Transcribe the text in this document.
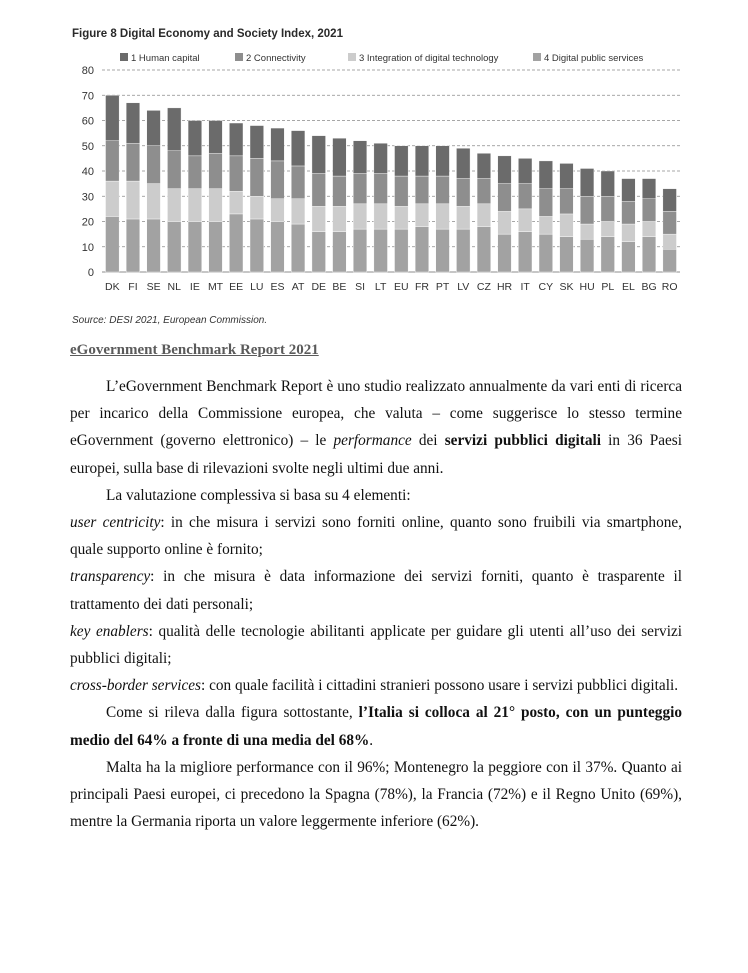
Figure 8 Digital Economy and Society Index, 2021
1 Human capital	2 Connectivity	3 Integration of digital technology	4 Digital public services
0
10
20
30
40
50
60
70
80
DK FI SE NL IE MT EE LU ES AT DE BE SI LT EU FR PT LV CZ HR IT CY SK HU PL EL BG RO
Source: DESI 2021, European Commission.
eGovernment Benchmark Report 2021

L’eGovernment Benchmark Report è uno studio realizzato annualmente da vari enti di ricerca per incarico della Commissione europea, che valuta – come suggerisce lo stesso termine eGovernment (governo elettronico) – le performance dei servizi pubblici digitali in 36 Paesi europei, sulla base di rilevazioni svolte negli ultimi due anni.

La valutazione complessiva si basa su 4 elementi:

user centricity: in che misura i servizi sono forniti online, quanto sono fruibili via smartphone, quale supporto online è fornito;

transparency: in che misura è data informazione dei servizi forniti, quanto è trasparente il trattamento dei dati personali;

key enablers: qualità delle tecnologie abilitanti applicate per guidare gli utenti all’uso dei servizi pubblici digitali;

cross-border services: con quale facilità i cittadini stranieri possono usare i servizi pubblici digitali.

Come si rileva dalla figura sottostante, l’Italia si colloca al 21° posto, con un punteggio medio del 64% a fronte di una media del 68%.

Malta ha la migliore performance con il 96%; Montenegro la peggiore con il 37%. Quanto ai principali Paesi europei, ci precedono la Spagna (78%), la Francia (72%) e il Regno Unito (69%), mentre la Germania riporta un valore leggermente inferiore (62%).
